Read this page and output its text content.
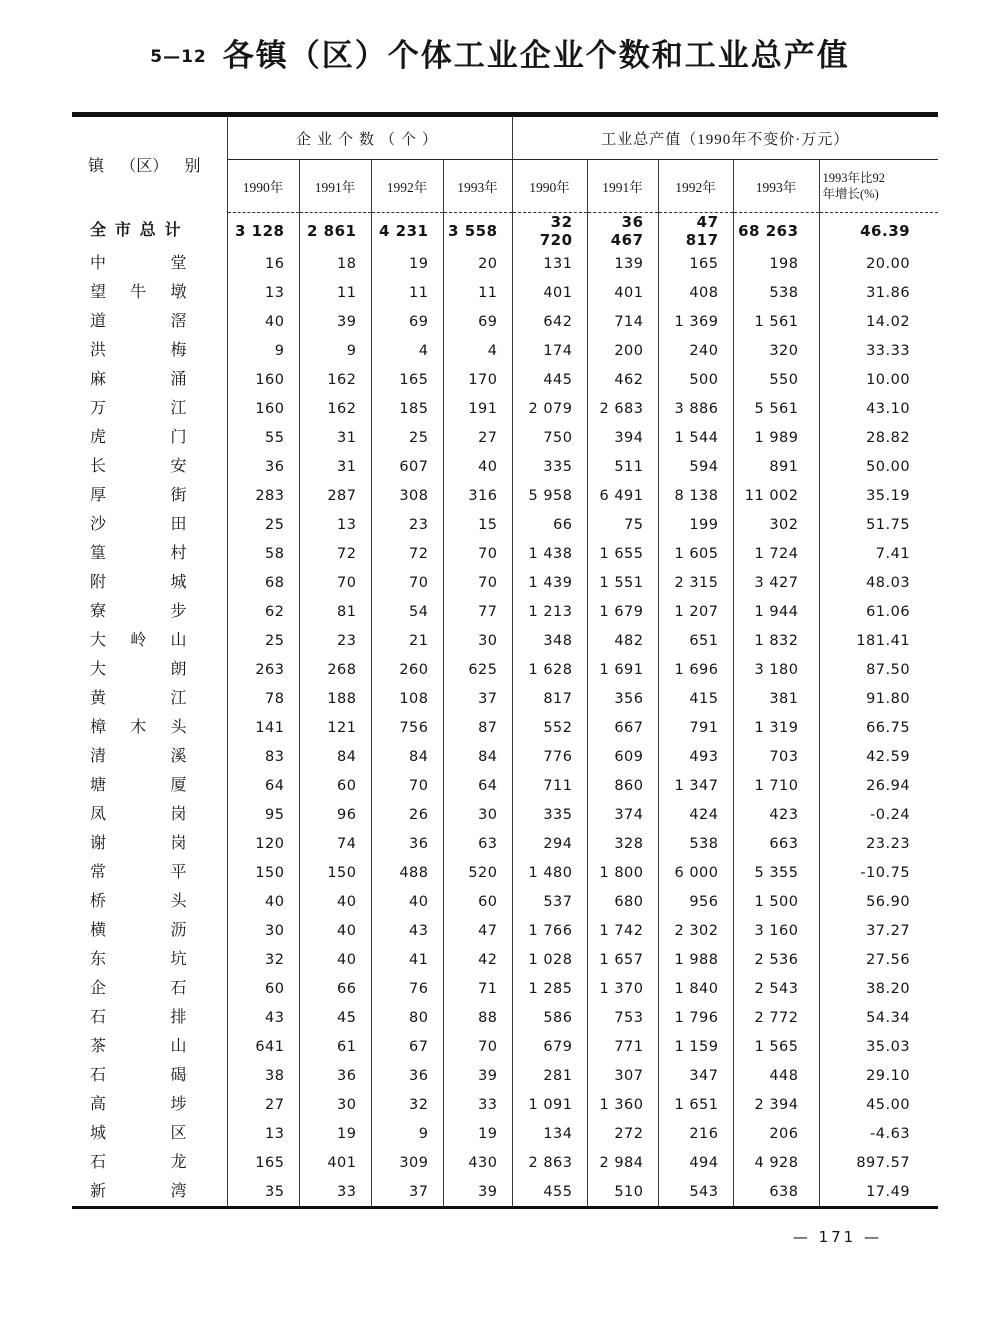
5—12 各镇（区）个体工业企业个数和工业总产值
镇 （区） 别	企业个数（个）				工业总产值（1990年不变价·万元）				
	1990年	1991年	1992年	1993年	1990年	1991年	1992年	1993年	1993年比92
年增长(%)

全 市 总 计	3 128	2 861	4 231	3 558	32 720	36 467	47 817	68 263	46.39

中 堂	16	18	19	20	131	139	165	198	20.00

望 牛 墩	13	11	11	11	401	401	408	538	31.86

道 滘	40	39	69	69	642	714	1 369	1 561	14.02

洪 梅	9	9	4	4	174	200	240	320	33.33

麻 涌	160	162	165	170	445	462	500	550	10.00

万 江	160	162	185	191	2 079	2 683	3 886	5 561	43.10

虎 门	55	31	25	27	750	394	1 544	1 989	28.82

长 安	36	31	607	40	335	511	594	891	50.00

厚 街	283	287	308	316	5 958	6 491	8 138	11 002	35.19

沙 田	25	13	23	15	66	75	199	302	51.75

篁 村	58	72	72	70	1 438	1 655	1 605	1 724	7.41

附 城	68	70	70	70	1 439	1 551	2 315	3 427	48.03

寮 步	62	81	54	77	1 213	1 679	1 207	1 944	61.06

大 岭 山	25	23	21	30	348	482	651	1 832	181.41

大 朗	263	268	260	625	1 628	1 691	1 696	3 180	87.50

黄 江	78	188	108	37	817	356	415	381	91.80

樟 木 头	141	121	756	87	552	667	791	1 319	66.75

清 溪	83	84	84	84	776	609	493	703	42.59

塘 厦	64	60	70	64	711	860	1 347	1 710	26.94

凤 岗	95	96	26	30	335	374	424	423	-0.24

谢 岗	120	74	36	63	294	328	538	663	23.23

常 平	150	150	488	520	1 480	1 800	6 000	5 355	-10.75

桥 头	40	40	40	60	537	680	956	1 500	56.90

横 沥	30	40	43	47	1 766	1 742	2 302	3 160	37.27

东 坑	32	40	41	42	1 028	1 657	1 988	2 536	27.56

企 石	60	66	76	71	1 285	1 370	1 840	2 543	38.20

石 排	43	45	80	88	586	753	1 796	2 772	54.34

茶 山	641	61	67	70	679	771	1 159	1 565	35.03

石 碣	38	36	36	39	281	307	347	448	29.10

高 埗	27	30	32	33	1 091	1 360	1 651	2 394	45.00

城 区	13	19	9	19	134	272	216	206	-4.63

石 龙	165	401	309	430	2 863	2 984	494	4 928	897.57

新 湾	35	33	37	39	455	510	543	638	17.49
— 171 —
